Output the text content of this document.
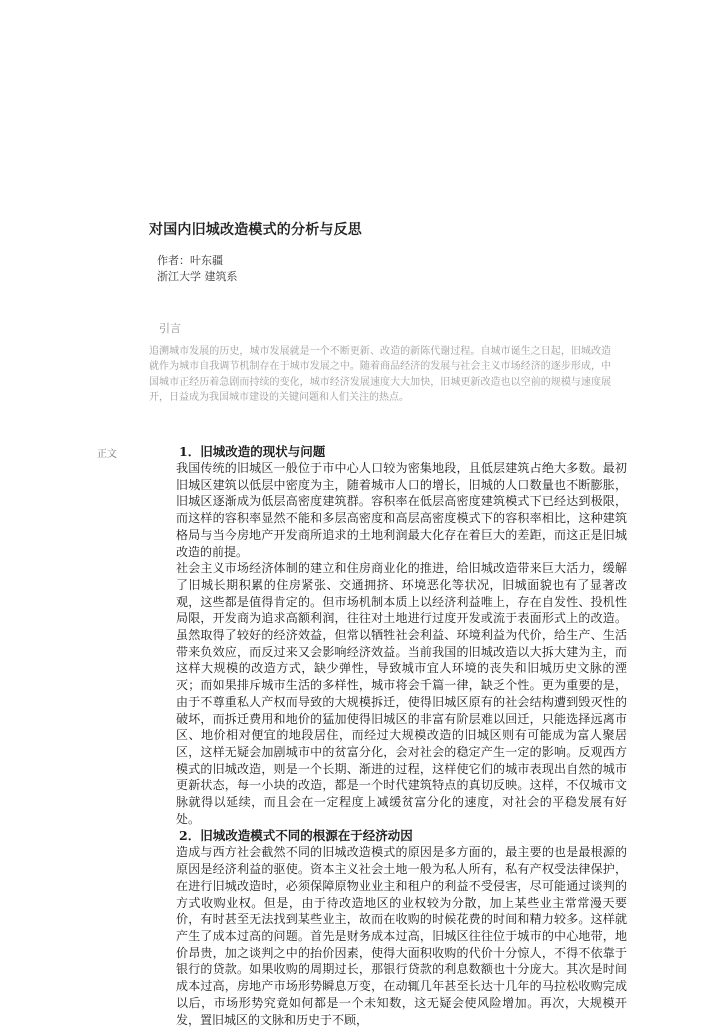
对国内旧城改造模式的分析与反思
作者：叶东疆
浙江大学 建筑系
引言
追溯城市发展的历史，城市发展就是一个不断更新、改造的新陈代谢过程。自城市诞生之日起，旧城改造就作为城市自我调节机制存在于城市发展之中。随着商品经济的发展与社会主义市场经济的逐步形成，中国城市正经历着急剧而持续的变化，城市经济发展速度大大加快，旧城更新改造也以空前的规模与速度展开，日益成为我国城市建设的关键问题和人们关注的热点。
正文	1．旧城改造的现状与问题

我国传统的旧城区一般位于市中心人口较为密集地段，且低层建筑占绝大多数。最初旧城区建筑以低层中密度为主，随着城市人口的增长，旧城的人口数量也不断膨胀，旧城区逐渐成为低层高密度建筑群。容积率在低层高密度建筑模式下已经达到极限，而这样的容积率显然不能和多层高密度和高层高密度模式下的容积率相比，这种建筑格局与当今房地产开发商所追求的土地利润最大化存在着巨大的差距，而这正是旧城改造的前提。

社会主义市场经济体制的建立和住房商业化的推进，给旧城改造带来巨大活力，缓解了旧城长期积累的住房紧张、交通拥挤、环境恶化等状况，旧城面貌也有了显著改观，这些都是值得肯定的。但市场机制本质上以经济利益唯上，存在自发性、投机性局限，开发商为追求高额利润，往往对土地进行过度开发或流于表面形式上的改造。虽然取得了较好的经济效益，但常以牺牲社会利益、环境利益为代价，给生产、生活带来负效应，而反过来又会影响经济效益。当前我国的旧城改造以大拆大建为主，而这样大规模的改造方式，缺少弹性，导致城市宜人环境的丧失和旧城历史文脉的湮灭；而如果排斥城市生活的多样性，城市将会千篇一律，缺乏个性。更为重要的是，由于不尊重私人产权而导致的大规模拆迁，使得旧城区原有的社会结构遭到毁灭性的破坏，而拆迁费用和地价的猛加使得旧城区的非富有阶层难以回迁，只能选择远离市区、地价相对便宜的地段居住，而经过大规模改造的旧城区则有可能成为富人聚居区，这样无疑会加剧城市中的贫富分化，会对社会的稳定产生一定的影响。反观西方模式的旧城改造，则是一个长期、渐进的过程，这样使它们的城市表现出自然的城市更新状态，每一小块的改造，都是一个时代建筑特点的真切反映。这样，不仅城市文脉就得以延续，而且会在一定程度上减缓贫富分化的速度，对社会的平稳发展有好处。

2．旧城改造模式不同的根源在于经济动因

造成与西方社会截然不同的旧城改造模式的原因是多方面的，最主要的也是最根源的原因是经济利益的驱使。资本主义社会土地一般为私人所有，私有产权受法律保护，在进行旧城改造时，必须保障原物业业主和租户的利益不受侵害，尽可能通过谈判的方式收购业权。但是，由于待改造地区的业权较为分散，加上某些业主常常漫天要价，有时甚至无法找到某些业主，故而在收购的时候花费的时间和精力较多。这样就产生了成本过高的问题。首先是财务成本过高，旧城区往往位于城市的中心地带，地价昂贵，加之谈判之中的抬价因素，使得大面积收购的代价十分惊人，不得不依靠于银行的贷款。如果收购的周期过长，那银行贷款的利息数额也十分庞大。其次是时间成本过高，房地产市场形势瞬息万变，在动辄几年甚至长达十几年的马拉松收购完成以后，市场形势究竟如何都是一个未知数，这无疑会使风险增加。再次，大规模开发，置旧城区的文脉和历史于不顾，
